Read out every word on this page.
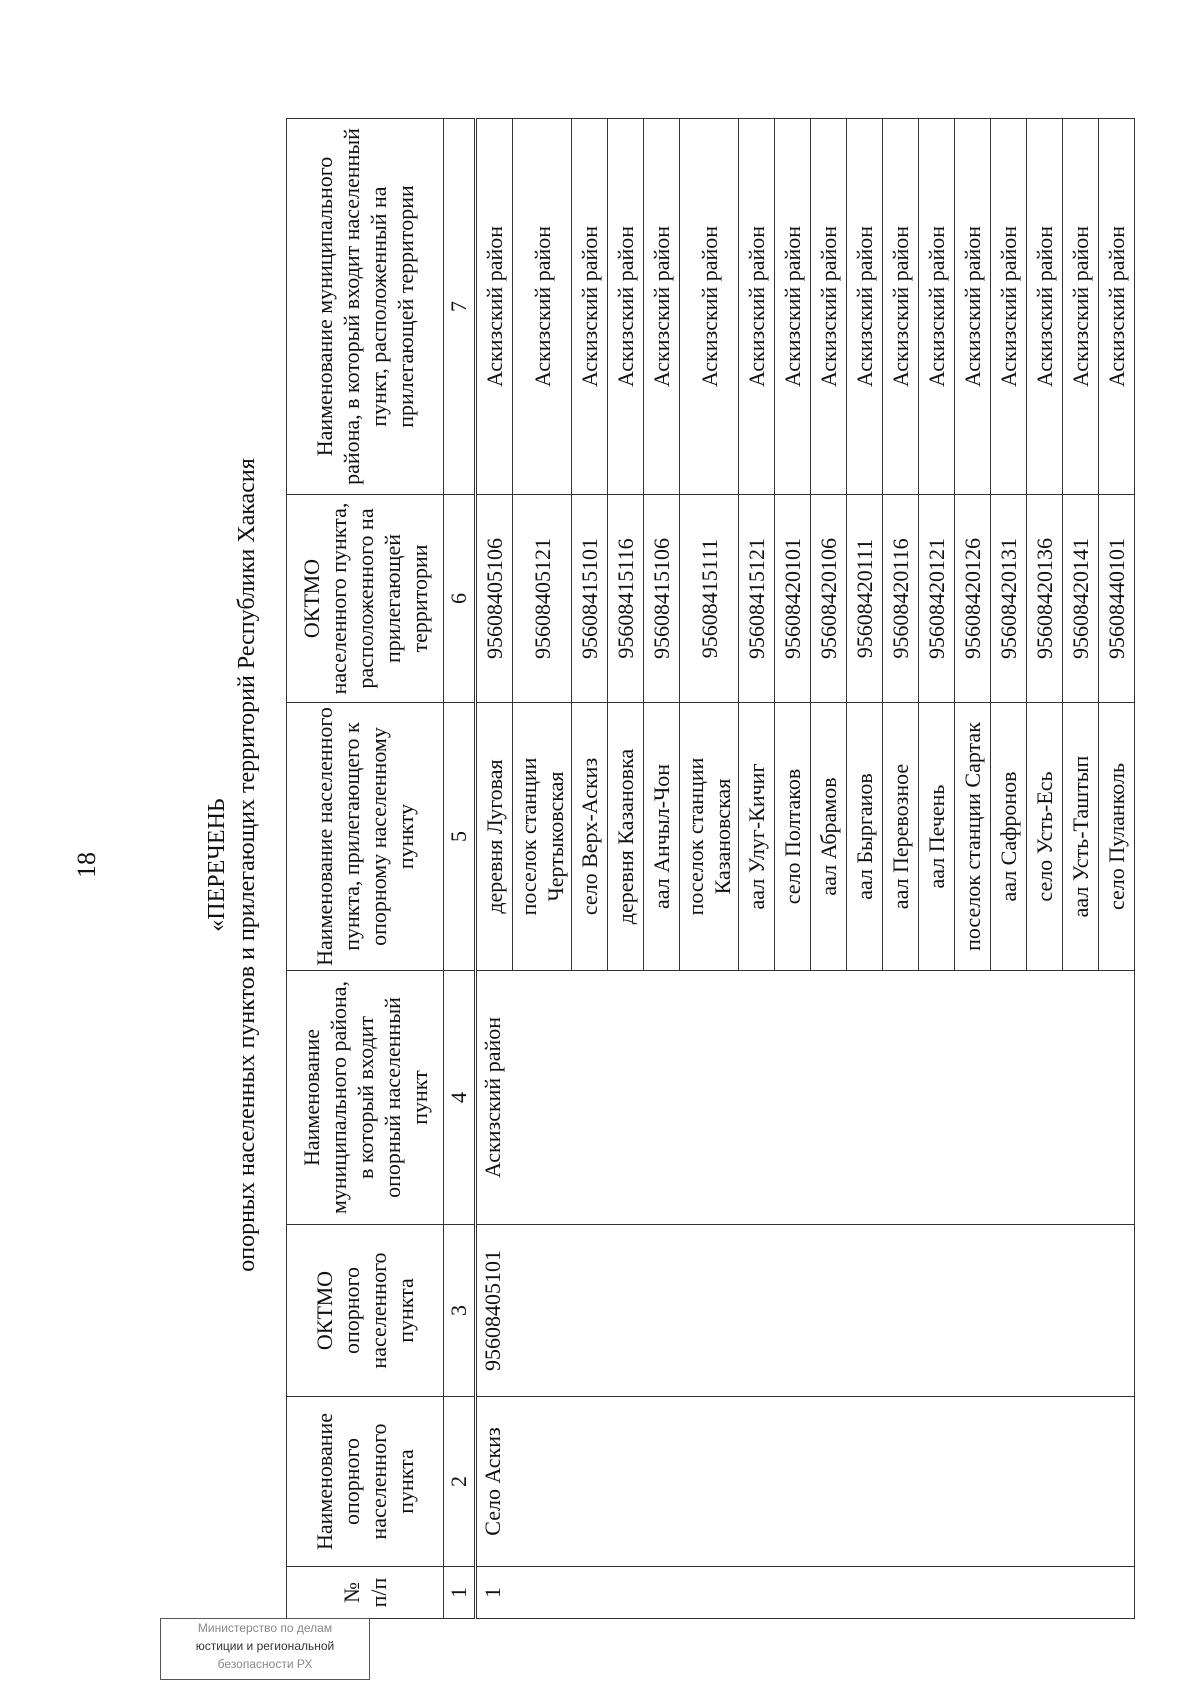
18	«ПЕРЕЧЕНЬ опорных населенных пунктов и прилегающих территорий Республики Хакасия
№ п/п	Наименование опорного населенного пункта	ОКТМО опорного населенного пункта	Наименование муниципального района, в который входит опорный населенный пункт	Наименование населенного пункта, прилегающего к опорному населенному пункту	ОКТМО населенного пункта, расположенного на прилегающей территории	Наименование муниципального района, в который входит населенный пункт, расположенный на прилегающей территории
1	2	3	4	5	6	7
1	Село Аскиз	95608405101	Аскизский район	деревня Луговая	95608405106	Аскизский район
				поселок станции Чертыковская	95608405121	Аскизский район
				село Верх-Аскиз	95608415101	Аскизский район
				деревня Казановка	95608415116	Аскизский район
				аал Анчыл-Чон	95608415106	Аскизский район
				поселок станции Казановская	95608415111	Аскизский район
				аал Улуг-Кичиг	95608415121	Аскизский район
				село Полтаков	95608420101	Аскизский район
				аал Абрамов	95608420106	Аскизский район
				аал Быргаиов	95608420111	Аскизский район
				аал Перевозное	95608420116	Аскизский район
				аал Печень	95608420121	Аскизский район
				поселок станции Сартак	95608420126	Аскизский район
				аал Сафронов	95608420131	Аскизский район
				село Усть-Есь	95608420136	Аскизский район
				аал Усть-Таштып	95608420141	Аскизский район
				село Пуланколь	95608440101	Аскизский район
Министерство по делам
юстиции и региональной
безопасности РХ
